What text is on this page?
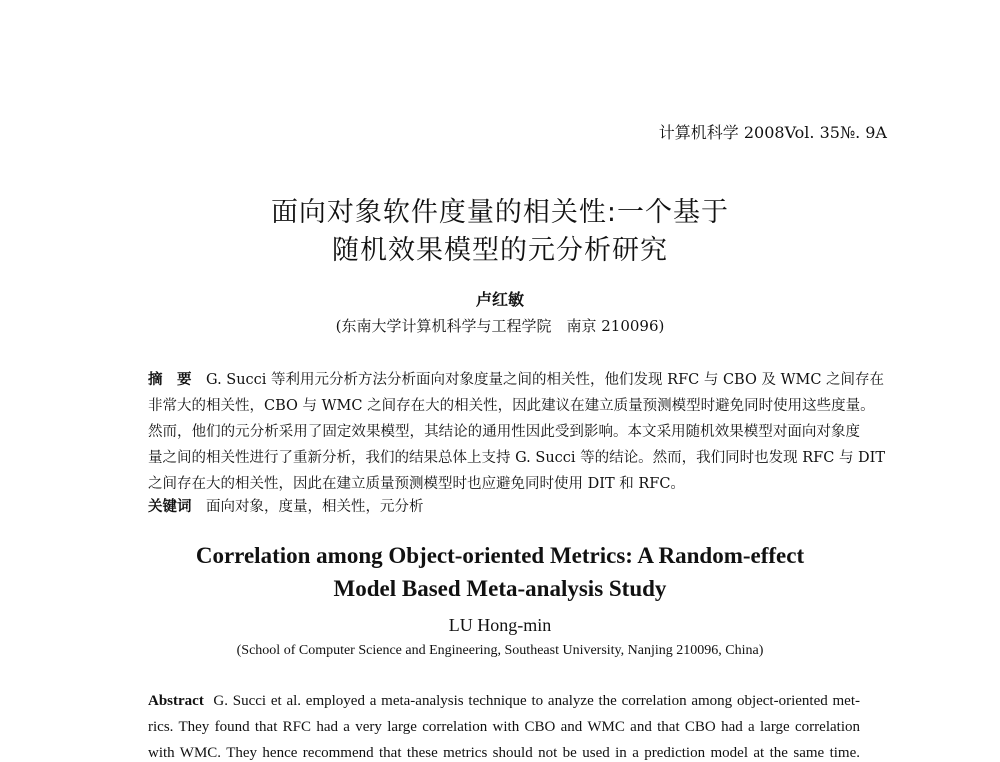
计算机科学 2008Vol. 35№. 9A
面向对象软件度量的相关性:一个基于
随机效果模型的元分析研究
卢红敏
(东南大学计算机科学与工程学院　南京 210096)
摘　要　 G. Succi 等利用元分析方法分析面向对象度量之间的相关性，他们发现 RFC 与 CBO 及 WMC 之间存在
非常大的相关性，CBO 与 WMC 之间存在大的相关性，因此建议在建立质量预测模型时避免同时使用这些度量。
然而，他们的元分析采用了固定效果模型，其结论的通用性因此受到影响。本文采用随机效果模型对面向对象度
量之间的相关性进行了重新分析，我们的结果总体上支持 G. Succi 等的结论。然而，我们同时也发现 RFC 与 DIT
之间存在大的相关性，因此在建立质量预测模型时也应避免同时使用 DIT 和 RFC。
关键词　 面向对象，度量，相关性，元分析
Correlation among Object-oriented Metrics: A Random-effect
Model Based Meta-analysis Study
LU Hong-min
(School of Computer Science and Engineering, Southeast University, Nanjing 210096, China)
Abstract G. Succi et al. employed a meta-analysis technique to analyze the correlation among object-oriented met-
rics. They found that RFC had a very large correlation with CBO and WMC and that CBO had a large correlation
with WMC. They hence recommend that these metrics should not be used in a prediction model at the same time.
